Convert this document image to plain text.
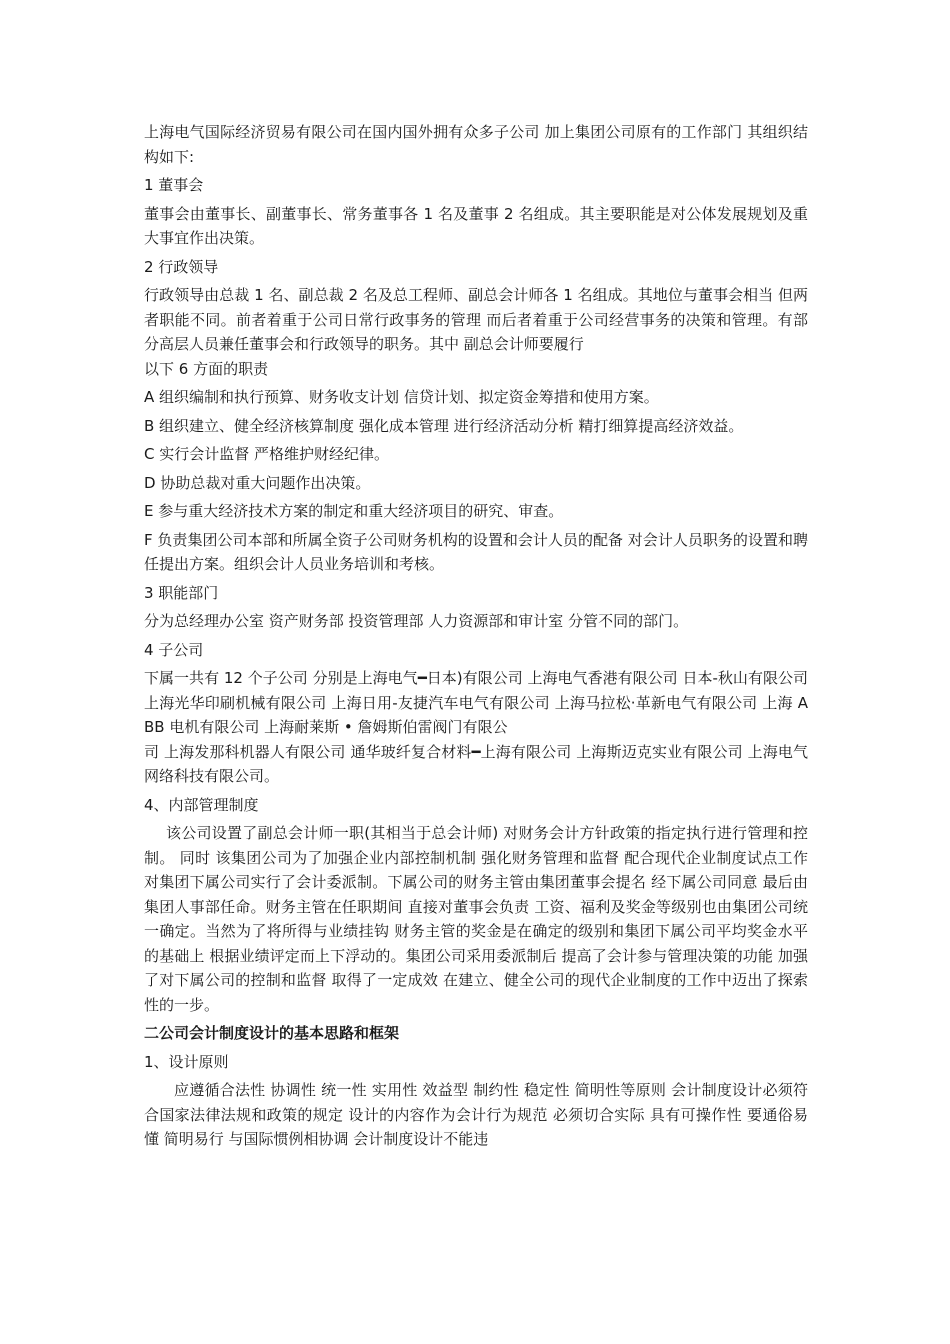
上海电气国际经济贸易有限公司在国内国外拥有众多子公司 加上集团公司原有的工作部门 其组织结构如下:

1 董事会

董事会由董事长、副董事长、常务董事各 1 名及董事 2 名组成。其主要职能是对公体发展规划及重大事宜作出决策。

2 行政领导

行政领导由总裁 1 名、副总裁 2 名及总工程师、副总会计师各 1 名组成。其地位与董事会相当 但两者职能不同。前者着重于公司日常行政事务的管理 而后者着重于公司经营事务的决策和管理。有部分高层人员兼任董事会和行政领导的职务。其中 副总会计师要履行

以下 6 方面的职责

A 组织编制和执行预算、财务收支计划 信贷计划、拟定资金筹措和使用方案。

B 组织建立、健全经济核算制度 强化成本管理 进行经济活动分析 精打细算提高经济效益。

C 实行会计监督 严格维护财经纪律。

D 协助总裁对重大问题作出决策。

E 参与重大经济技术方案的制定和重大经济项目的研究、审查。

F 负责集团公司本部和所属全资子公司财务机构的设置和会计人员的配备 对会计人员职务的设置和聘任提出方案。组织会计人员业务培训和考核。

3 职能部门

分为总经理办公室 资产财务部 投资管理部 人力资源部和审计室 分管不同的部门。

4 子公司

下属一共有 12 个子公司 分别是上海电气━日本)有限公司 上海电气香港有限公司 日本-秋山有限公司 上海光华印刷机械有限公司 上海日用-友捷汽车电气有限公司 上海马拉松·革新电气有限公司 上海 ABB 电机有限公司 上海耐莱斯 • 詹姆斯伯雷阀门有限公

司 上海发那科机器人有限公司 通华玻纤复合材料━上海有限公司 上海斯迈克实业有限公司 上海电气网络科技有限公司。

4、内部管理制度

该公司设置了副总会计师一职(其相当于总会计师) 对财务会计方针政策的指定执行进行管理和控制。 同时 该集团公司为了加强企业内部控制机制 强化财务管理和监督 配合现代企业制度试点工作 对集团下属公司实行了会计委派制。下属公司的财务主管由集团董事会提名 经下属公司同意 最后由集团人事部任命。财务主管在任职期间 直接对董事会负责 工资、福利及奖金等级别也由集团公司统一确定。当然为了将所得与业绩挂钩 财务主管的奖金是在确定的级别和集团下属公司平均奖金水平的基础上 根据业绩评定而上下浮动的。集团公司采用委派制后 提高了会计参与管理决策的功能 加强了对下属公司的控制和监督 取得了一定成效 在建立、健全公司的现代企业制度的工作中迈出了探索性的一步。

二公司会计制度设计的基本思路和框架

1、设计原则

应遵循合法性 协调性 统一性 实用性 效益型 制约性 稳定性 简明性等原则 会计制度设计必须符合国家法律法规和政策的规定 设计的内容作为会计行为规范 必须切合实际 具有可操作性 要通俗易懂 简明易行 与国际惯例相协调 会计制度设计不能违
